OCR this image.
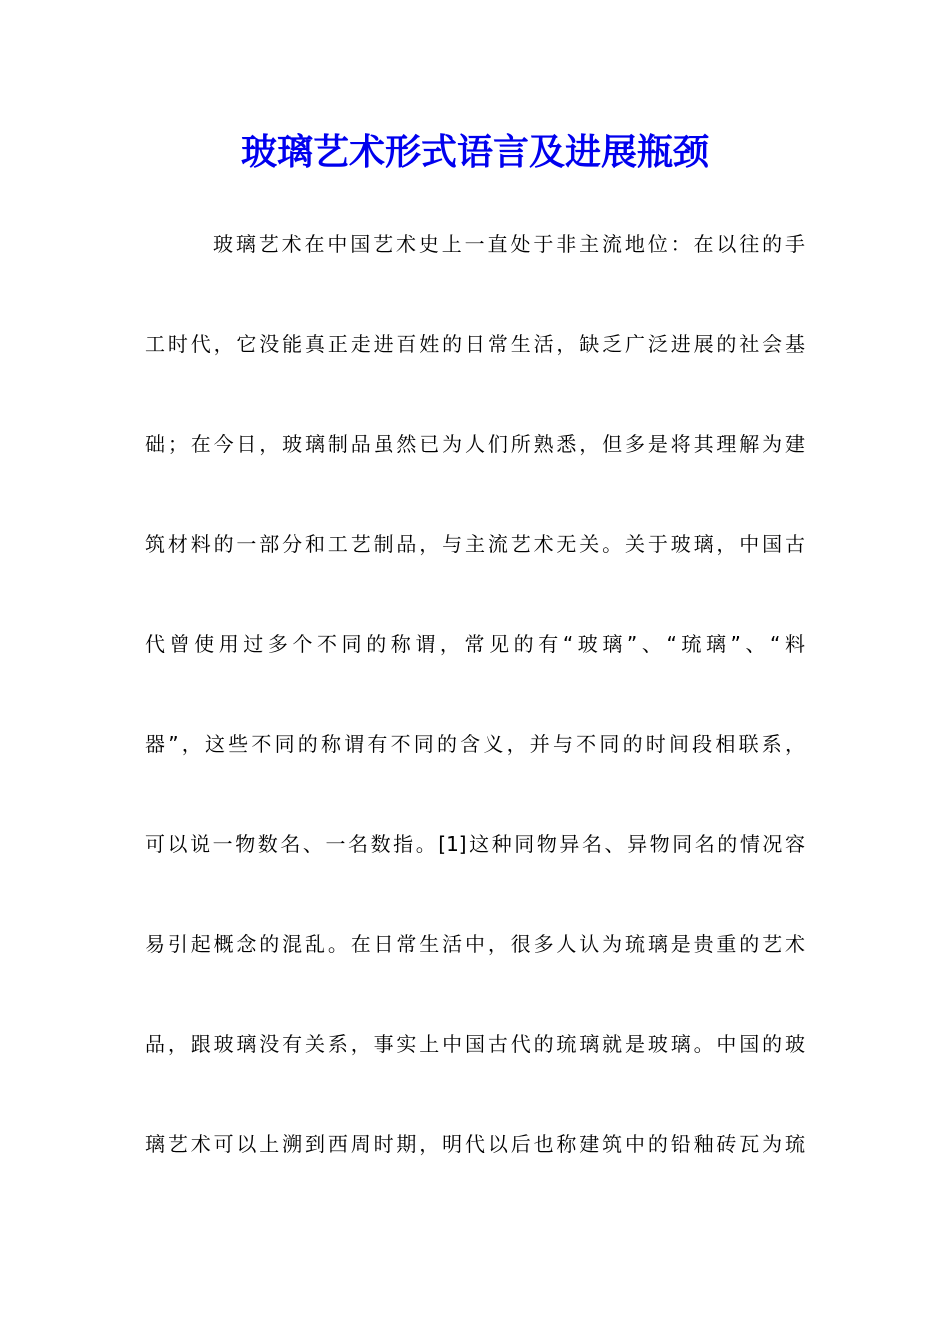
玻璃艺术形式语言及进展瓶颈
玻璃艺术在中国艺术史上一直处于非主流地位：在以往的手
工时代，它没能真正走进百姓的日常生活，缺乏广泛进展的社会基
础；在今日，玻璃制品虽然已为人们所熟悉，但多是将其理解为建
筑材料的一部分和工艺制品，与主流艺术无关。关于玻璃，中国古
代曾使用过多个不同的称谓，常见的有“玻璃”、“琉璃”、“料
器”，这些不同的称谓有不同的含义，并与不同的时间段相联系，
可以说一物数名、一名数指。[1]这种同物异名、异物同名的情况容
易引起概念的混乱。在日常生活中，很多人认为琉璃是贵重的艺术
品，跟玻璃没有关系，事实上中国古代的琉璃就是玻璃。中国的玻
璃艺术可以上溯到西周时期，明代以后也称建筑中的铅釉砖瓦为琉
